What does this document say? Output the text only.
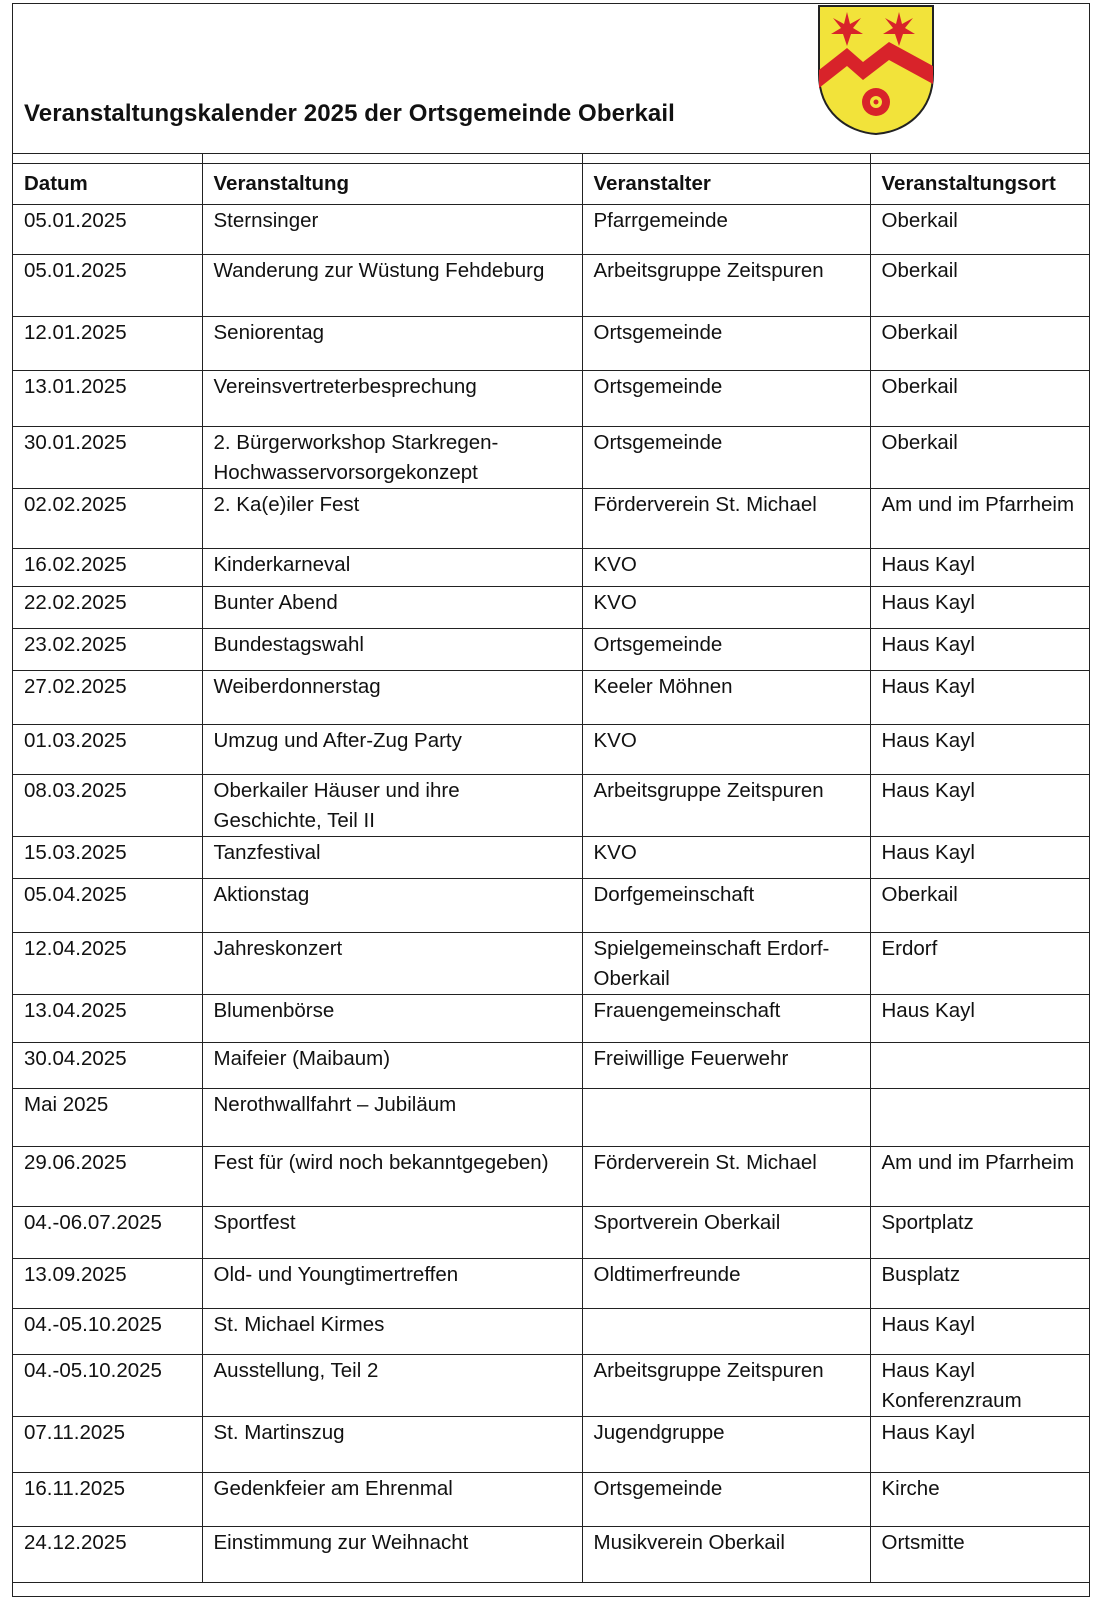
Veranstaltungskalender 2025 der Ortsgemeinde Oberkail
Datum	Veranstaltung	Veranstalter	Veranstaltungsort
05.01.2025	Sternsinger	Pfarrgemeinde	Oberkail
05.01.2025	Wanderung zur Wüstung Fehdeburg	Arbeitsgruppe Zeitspuren	Oberkail
12.01.2025	Seniorentag	Ortsgemeinde	Oberkail
13.01.2025	Vereinsvertreterbesprechung	Ortsgemeinde	Oberkail
30.01.2025	2. Bürgerworkshop Starkregen-Hochwasservorsorgekonzept	Ortsgemeinde	Oberkail
02.02.2025	2. Ka(e)iler Fest	Förderverein St. Michael	Am und im Pfarrheim
16.02.2025	Kinderkarneval	KVO	Haus Kayl
22.02.2025	Bunter Abend	KVO	Haus Kayl
23.02.2025	Bundestagswahl	Ortsgemeinde	Haus Kayl
27.02.2025	Weiberdonnerstag	Keeler Möhnen	Haus Kayl
01.03.2025	Umzug und After-Zug Party	KVO	Haus Kayl
08.03.2025	Oberkailer Häuser und ihre Geschichte, Teil II	Arbeitsgruppe Zeitspuren	Haus Kayl
15.03.2025	Tanzfestival	KVO	Haus Kayl
05.04.2025	Aktionstag	Dorfgemeinschaft	Oberkail
12.04.2025	Jahreskonzert	Spielgemeinschaft Erdorf-Oberkail	Erdorf
13.04.2025	Blumenbörse	Frauengemeinschaft	Haus Kayl
30.04.2025	Maifeier (Maibaum)	Freiwillige Feuerwehr	
Mai 2025	Nerothwallfahrt – Jubiläum		
29.06.2025	Fest für (wird noch bekanntgegeben)	Förderverein St. Michael	Am und im Pfarrheim
04.-06.07.2025	Sportfest	Sportverein Oberkail	Sportplatz
13.09.2025	Old- und Youngtimertreffen	Oldtimerfreunde	Busplatz
04.-05.10.2025	St. Michael Kirmes		Haus Kayl
04.-05.10.2025	Ausstellung, Teil 2	Arbeitsgruppe Zeitspuren	Haus Kayl Konferenzraum
07.11.2025	St. Martinszug	Jugendgruppe	Haus Kayl
16.11.2025	Gedenkfeier am Ehrenmal	Ortsgemeinde	Kirche
24.12.2025	Einstimmung zur Weihnacht	Musikverein Oberkail	Ortsmitte
